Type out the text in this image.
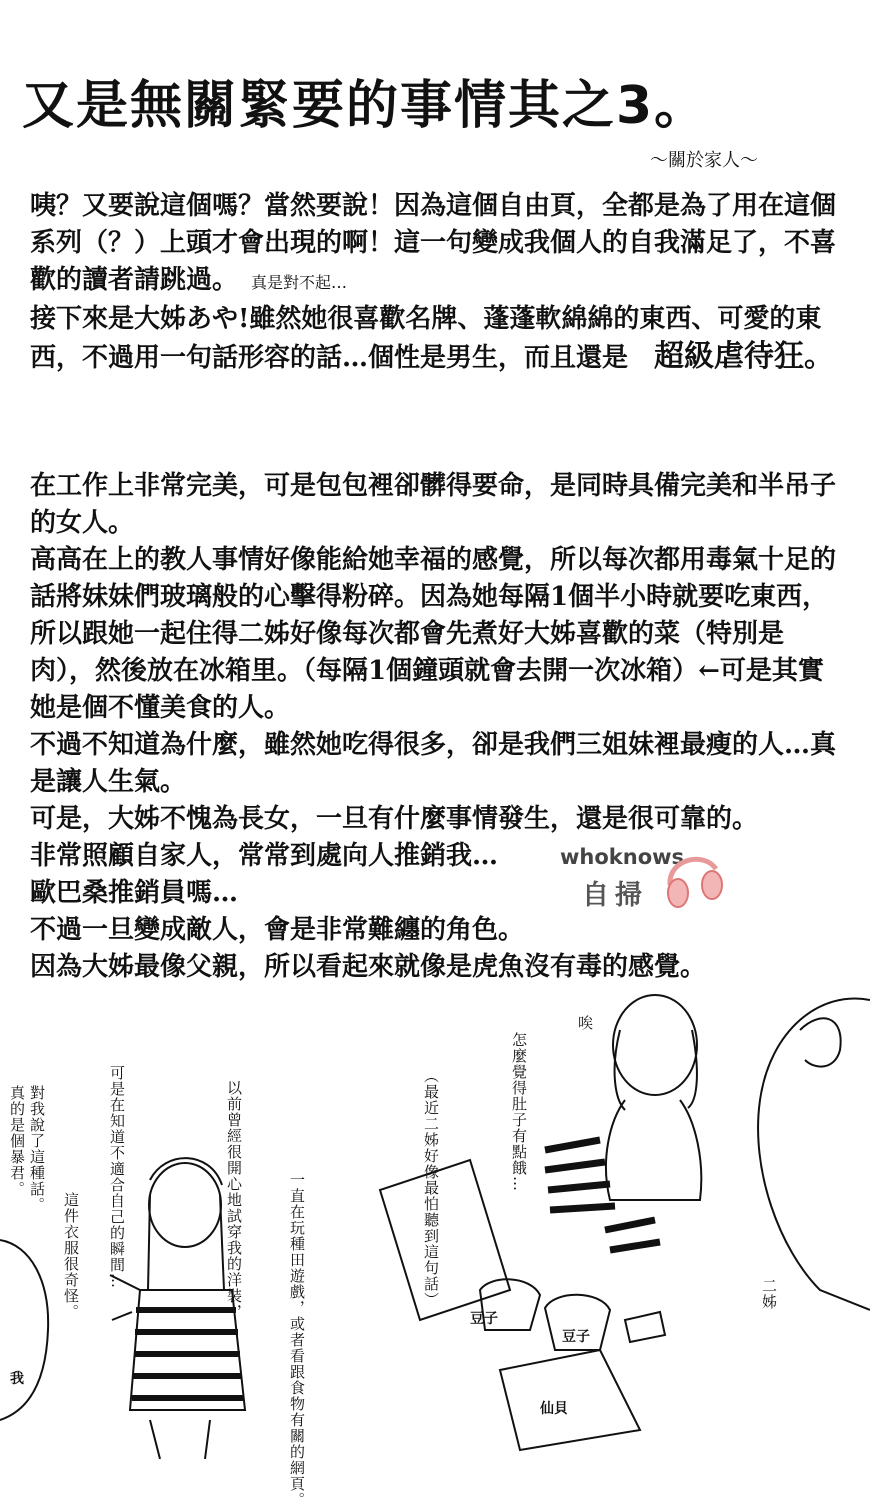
又是無關緊要的事情其之3。
～關於家人～

咦？又要說這個嗎？當然要說！因為這個自由頁，全都是為了用在這個系列（？）上頭才會出現的啊！這一句變成我個人的自我滿足了，不喜歡的讀者請跳過。　 真是對不起…

接下來是大姊あや!雖然她很喜歡名牌、蓬蓬軟綿綿的東西、可愛的東西，不過用一句話形容的話…個性是男生，而且還是　 超級虐待狂。

在工作上非常完美，可是包包裡卻髒得要命，是同時具備完美和半吊子的女人。

高高在上的教人事情好像能給她幸福的感覺，所以每次都用毒氣十足的話將妹妹們玻璃般的心擊得粉碎。因為她每隔1個半小時就要吃東西，所以跟她一起住得二姊好像每次都會先煮好大姊喜歡的菜（特別是肉），然後放在冰箱里。（每隔1個鐘頭就會去開一次冰箱）←可是其實她是個不懂美食的人。

不過不知道為什麼，雖然她吃得很多，卻是我們三姐妹裡最瘦的人…真是讓人生氣。

可是，大姊不愧為長女，一旦有什麼事情發生，還是很可靠的。

非常照顧自家人，常常到處向人推銷我…

歐巴桑推銷員嗎…

不過一旦變成敵人，會是非常難纏的角色。

因為大姊最像父親，所以看起來就像是虎魚沒有毒的感覺。

whoknows
自掃
真的是個暴君。 對我說了這種話。	可是在知道不適合自己的瞬間…	以前曾經很開心地試穿我的洋裝，
這件衣服很奇怪。
我
唉
怎麼覺得肚子有點餓…
（最近二姊好像最怕聽到這句話）
一直在玩種田遊戲，或者看跟食物有關的網頁。	豆子
豆子
仙貝
二姊
